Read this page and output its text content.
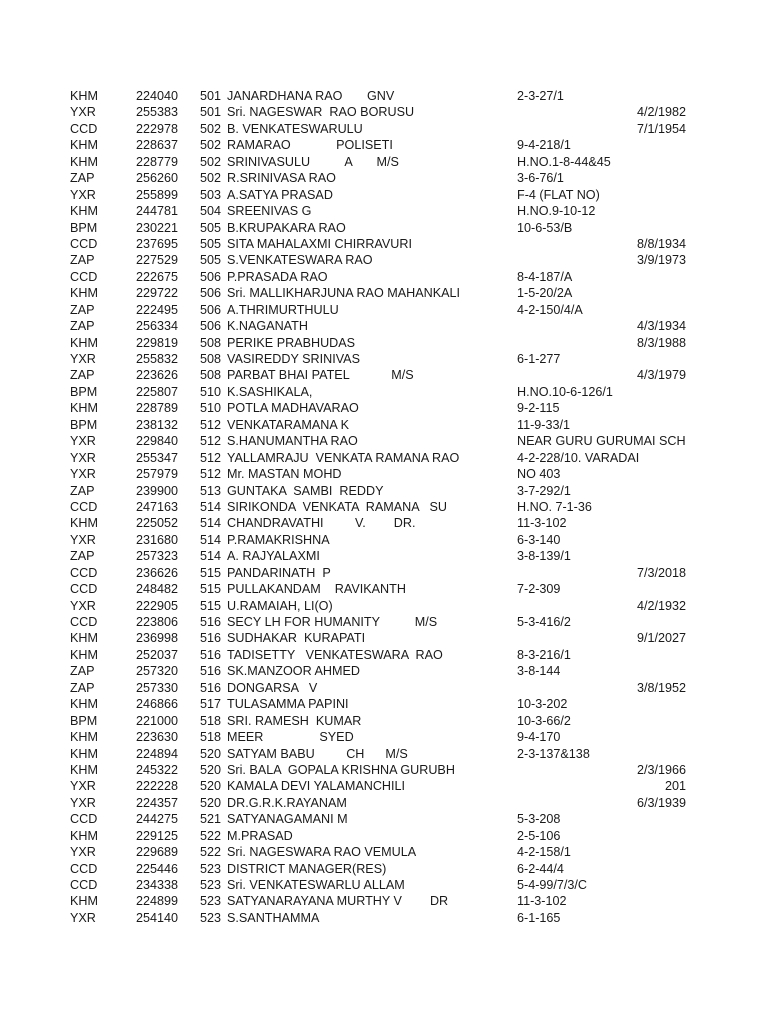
KHM	224040 501 JANARDHANA RAO       GNV	2-3-27/1
YXR	255383 501 Sri. NAGESWAR  RAO BORUSU	4/2/1982
CCD	222978 502 B. VENKATESWARULU	7/1/1954
KHM	228637 502 RAMARAO             POLISETI	9-4-218/1
KHM	228779 502 SRINIVASULU          A       M/S	H.NO.1-8-44&45
ZAP	256260 502 R.SRINIVASA RAO	3-6-76/1
YXR	255899 503 A.SATYA PRASAD	F-4 (FLAT NO)
KHM	244781 504 SREENIVAS G	H.NO.9-10-12
BPM	230221 505 B.KRUPAKARA RAO	10-6-53/B
CCD	237695 505 SITA MAHALAXMI CHIRRAVURI	8/8/1934
ZAP	227529 505 S.VENKATESWARA RAO	3/9/1973
CCD	222675 506 P.PRASADA RAO	8-4-187/A
KHM	229722 506 Sri. MALLIKHARJUNA RAO MAHANKALI	1-5-20/2A
ZAP	222495 506 A.THRIMURTHULU	4-2-150/4/A
ZAP	256334 506 K.NAGANATH	4/3/1934
KHM	229819 508 PERIKE PRABHUDAS	8/3/1988
YXR	255832 508 VASIREDDY SRINIVAS	6-1-277
ZAP	223626 508 PARBAT BHAI PATEL            M/S	4/3/1979
BPM	225807 510 K.SASHIKALA,	H.NO.10-6-126/1
KHM	228789 510 POTLA MADHAVARAO	9-2-115
BPM	238132 512 VENKATARAMANA K	11-9-33/1
YXR	229840 512 S.HANUMANTHA RAO	NEAR GURU GURUMAI SCH
YXR	255347 512 YALLAMRAJU  VENKATA RAMANA RAO	4-2-228/10. VARADAI
YXR	257979 512 Mr. MASTAN MOHD	NO 403
ZAP	239900 513 GUNTAKA  SAMBI  REDDY	3-7-292/1
CCD	247163 514 SIRIKONDA  VENKATA  RAMANA   SU	H.NO. 7-1-36
KHM	225052 514 CHANDRAVATHI         V.        DR.	11-3-102
YXR	231680 514 P.RAMAKRISHNA	6-3-140
ZAP	257323 514 A. RAJYALAXMI	3-8-139/1
CCD	236626 515 PANDARINATH  P	7/3/2018
CCD	248482 515 PULLAKANDAM    RAVIKANTH	7-2-309
YXR	222905 515 U.RAMAIAH, LI(O)	4/2/1932
CCD	223806 516 SECY LH FOR HUMANITY          M/S	5-3-416/2
KHM	236998 516 SUDHAKAR  KURAPATI	9/1/2027
KHM	252037 516 TADISETTY   VENKATESWARA  RAO	8-3-216/1
ZAP	257320 516 SK.MANZOOR AHMED	3-8-144
ZAP	257330 516 DONGARSA   V	3/8/1952
KHM	246866 517 TULASAMMA PAPINI	10-3-202
BPM	221000 518 SRI. RAMESH  KUMAR	10-3-66/2
KHM	223630 518 MEER                SYED	9-4-170
KHM	224894 520 SATYAM BABU         CH      M/S	2-3-137&138
KHM	245322 520 Sri. BALA  GOPALA KRISHNA GURUBH	2/3/1966
YXR	222228 520 KAMALA DEVI YALAMANCHILI	201
YXR	224357 520 DR.G.R.K.RAYANAM	6/3/1939
CCD	244275 521 SATYANAGAMANI M	5-3-208
KHM	229125 522 M.PRASAD	2-5-106
YXR	229689 522 Sri. NAGESWARA RAO VEMULA	4-2-158/1
CCD	225446 523 DISTRICT MANAGER(RES)	6-2-44/4
CCD	234338 523 Sri. VENKATESWARLU ALLAM	5-4-99/7/3/C
KHM	224899 523 SATYANARAYANA MURTHY V        DR	11-3-102
YXR	254140 523 S.SANTHAMMA	6-1-165
